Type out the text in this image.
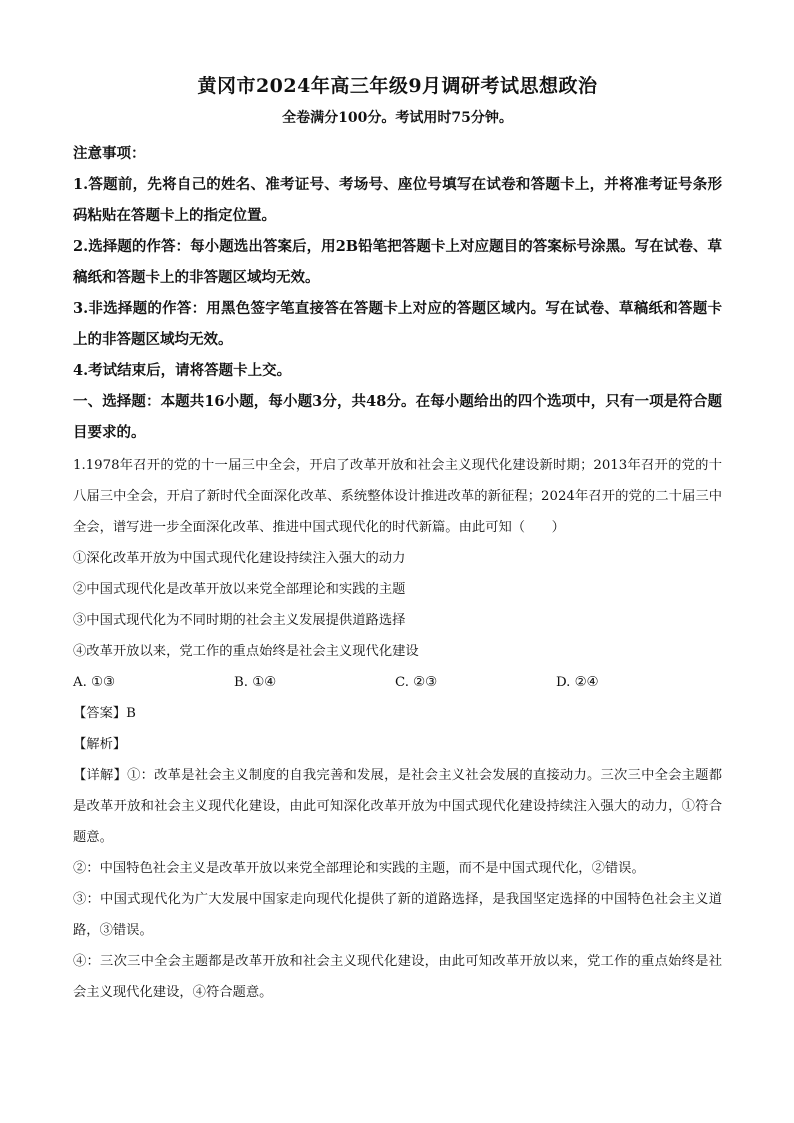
黄冈市2024年高三年级9月调研考试思想政治

全卷满分100分。考试用时75分钟。

注意事项：

1.答题前，先将自己的姓名、准考证号、考场号、座位号填写在试卷和答题卡上，并将准考证号条形码粘贴在答题卡上的指定位置。

2.选择题的作答：每小题选出答案后，用2B铅笔把答题卡上对应题目的答案标号涂黑。写在试卷、草稿纸和答题卡上的非答题区域均无效。

3.非选择题的作答：用黑色签字笔直接答在答题卡上对应的答题区域内。写在试卷、草稿纸和答题卡上的非答题区域均无效。

4.考试结束后，请将答题卡上交。

一、选择题：本题共16小题，每小题3分，共48分。在每小题给出的四个选项中，只有一项是符合题目要求的。

1.1978年召开的党的十一届三中全会，开启了改革开放和社会主义现代化建设新时期；2013年召开的党的十八届三中全会，开启了新时代全面深化改革、系统整体设计推进改革的新征程；2024年召开的党的二十届三中全会，谱写进一步全面深化改革、推进中国式现代化的时代新篇。由此可知（　　）

①深化改革开放为中国式现代化建设持续注入强大的动力

②中国式现代化是改革开放以来党全部理论和实践的主题

③中国式现代化为不同时期的社会主义发展提供道路选择

④改革开放以来，党工作的重点始终是社会主义现代化建设

A. ①③	B. ①④	C. ②③	D. ②④

【答案】B

【解析】

【详解】①：改革是社会主义制度的自我完善和发展，是社会主义社会发展的直接动力。三次三中全会主题都是改革开放和社会主义现代化建设，由此可知深化改革开放为中国式现代化建设持续注入强大的动力，①符合题意。

②：中国特色社会主义是改革开放以来党全部理论和实践的主题，而不是中国式现代化，②错误。

③：中国式现代化为广大发展中国家走向现代化提供了新的道路选择，是我国坚定选择的中国特色社会主义道路，③错误。

④：三次三中全会主题都是改革开放和社会主义现代化建设，由此可知改革开放以来，党工作的重点始终是社会主义现代化建设，④符合题意。
